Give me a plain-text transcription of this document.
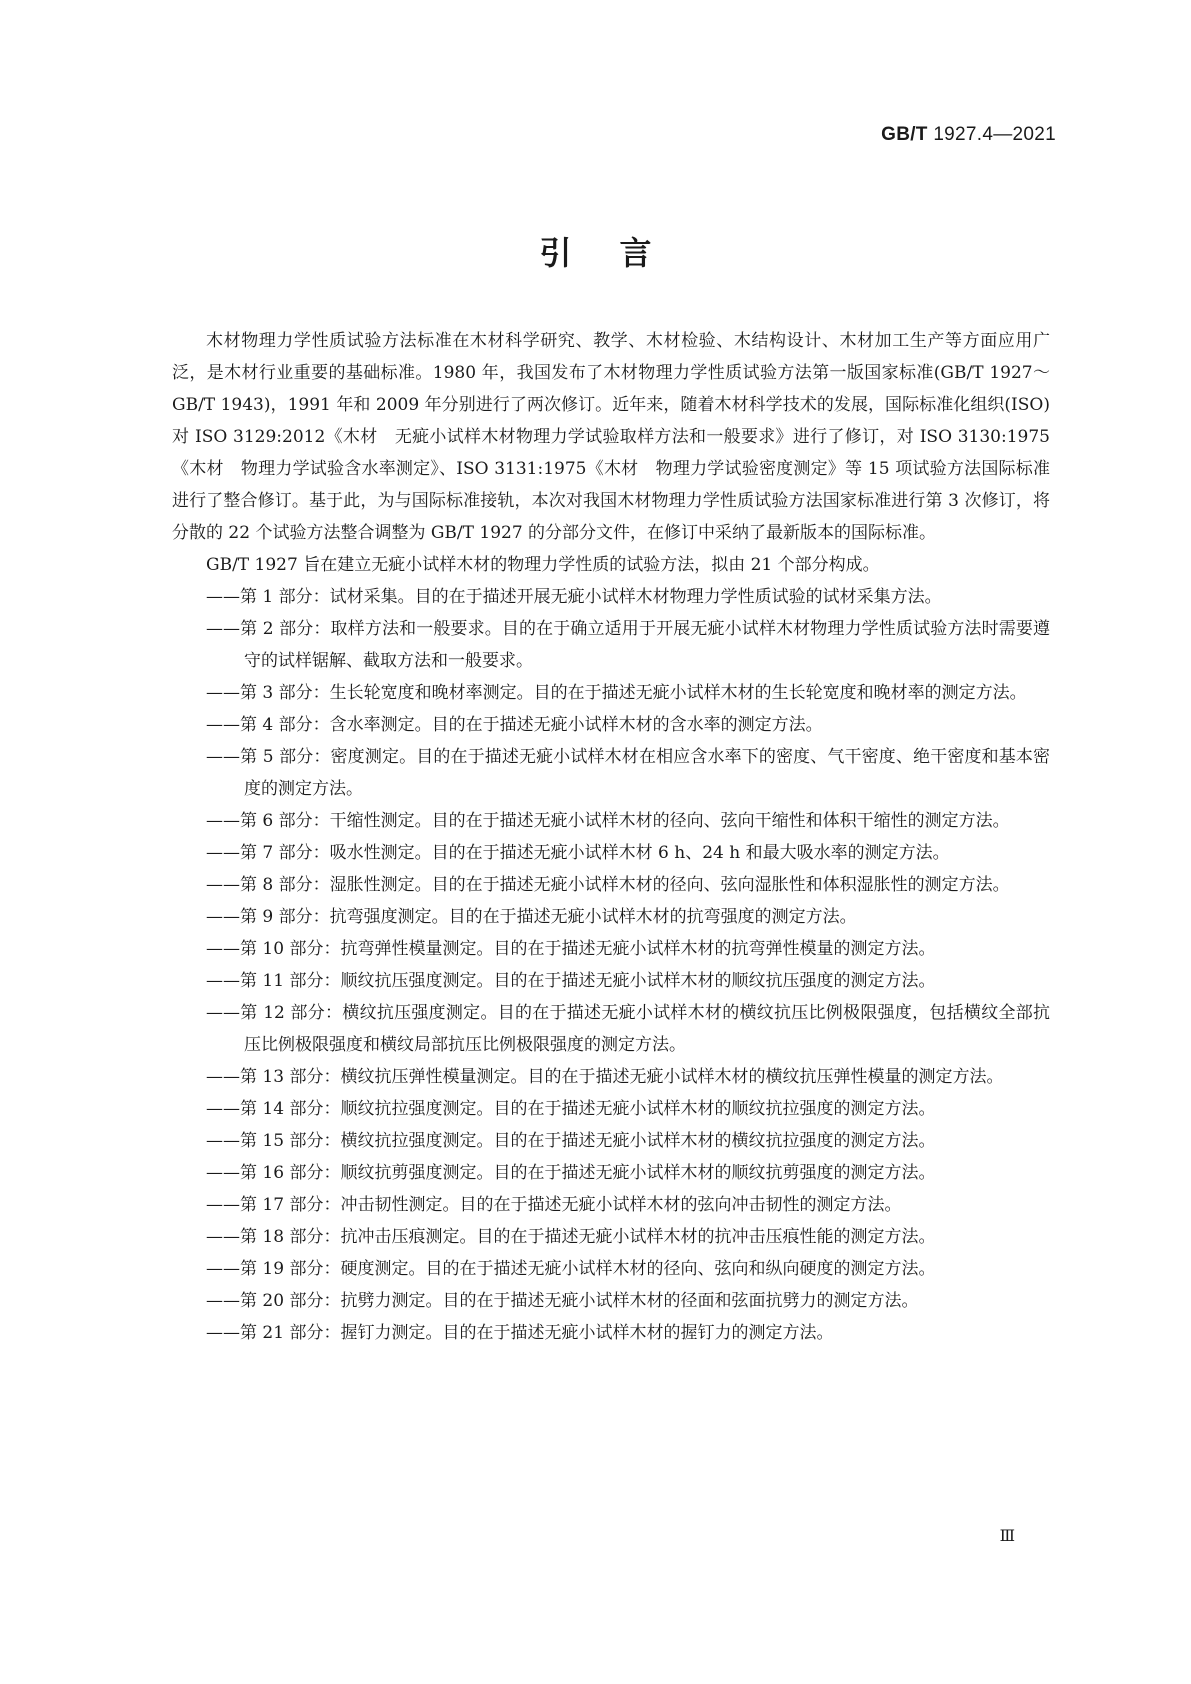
GB/T 1927.4—2021
引言

木材物理力学性质试验方法标准在木材科学研究、教学、木材检验、木结构设计、木材加工生产等方面应用广泛，是木材行业重要的基础标准。1980 年，我国发布了木材物理力学性质试验方法第一版国家标准(GB/T 1927～GB/T 1943)，1991 年和 2009 年分别进行了两次修订。近年来，随着木材科学技术的发展，国际标准化组织(ISO)对 ISO 3129:2012《木材　无疵小试样木材物理力学试验取样方法和一般要求》进行了修订，对 ISO 3130:1975《木材　物理力学试验含水率测定》、ISO 3131:1975《木材　物理力学试验密度测定》等 15 项试验方法国际标准进行了整合修订。基于此，为与国际标准接轨，本次对我国木材物理力学性质试验方法国家标准进行第 3 次修订，将分散的 22 个试验方法整合调整为 GB/T 1927 的分部分文件，在修订中采纳了最新版本的国际标准。

GB/T 1927 旨在建立无疵小试样木材的物理力学性质的试验方法，拟由 21 个部分构成。

——第 1 部分：试材采集。目的在于描述开展无疵小试样木材物理力学性质试验的试材采集方法。
——第 2 部分：取样方法和一般要求。目的在于确立适用于开展无疵小试样木材物理力学性质试验方法时需要遵守的试样锯解、截取方法和一般要求。
——第 3 部分：生长轮宽度和晚材率测定。目的在于描述无疵小试样木材的生长轮宽度和晚材率的测定方法。
——第 4 部分：含水率测定。目的在于描述无疵小试样木材的含水率的测定方法。
——第 5 部分：密度测定。目的在于描述无疵小试样木材在相应含水率下的密度、气干密度、绝干密度和基本密度的测定方法。
——第 6 部分：干缩性测定。目的在于描述无疵小试样木材的径向、弦向干缩性和体积干缩性的测定方法。
——第 7 部分：吸水性测定。目的在于描述无疵小试样木材 6 h、24 h 和最大吸水率的测定方法。
——第 8 部分：湿胀性测定。目的在于描述无疵小试样木材的径向、弦向湿胀性和体积湿胀性的测定方法。
——第 9 部分：抗弯强度测定。目的在于描述无疵小试样木材的抗弯强度的测定方法。
——第 10 部分：抗弯弹性模量测定。目的在于描述无疵小试样木材的抗弯弹性模量的测定方法。
——第 11 部分：顺纹抗压强度测定。目的在于描述无疵小试样木材的顺纹抗压强度的测定方法。
——第 12 部分：横纹抗压强度测定。目的在于描述无疵小试样木材的横纹抗压比例极限强度，包括横纹全部抗压比例极限强度和横纹局部抗压比例极限强度的测定方法。
——第 13 部分：横纹抗压弹性模量测定。目的在于描述无疵小试样木材的横纹抗压弹性模量的测定方法。
——第 14 部分：顺纹抗拉强度测定。目的在于描述无疵小试样木材的顺纹抗拉强度的测定方法。
——第 15 部分：横纹抗拉强度测定。目的在于描述无疵小试样木材的横纹抗拉强度的测定方法。
——第 16 部分：顺纹抗剪强度测定。目的在于描述无疵小试样木材的顺纹抗剪强度的测定方法。
——第 17 部分：冲击韧性测定。目的在于描述无疵小试样木材的弦向冲击韧性的测定方法。
——第 18 部分：抗冲击压痕测定。目的在于描述无疵小试样木材的抗冲击压痕性能的测定方法。
——第 19 部分：硬度测定。目的在于描述无疵小试样木材的径向、弦向和纵向硬度的测定方法。
——第 20 部分：抗劈力测定。目的在于描述无疵小试样木材的径面和弦面抗劈力的测定方法。
——第 21 部分：握钉力测定。目的在于描述无疵小试样木材的握钉力的测定方法。
Ⅲ
